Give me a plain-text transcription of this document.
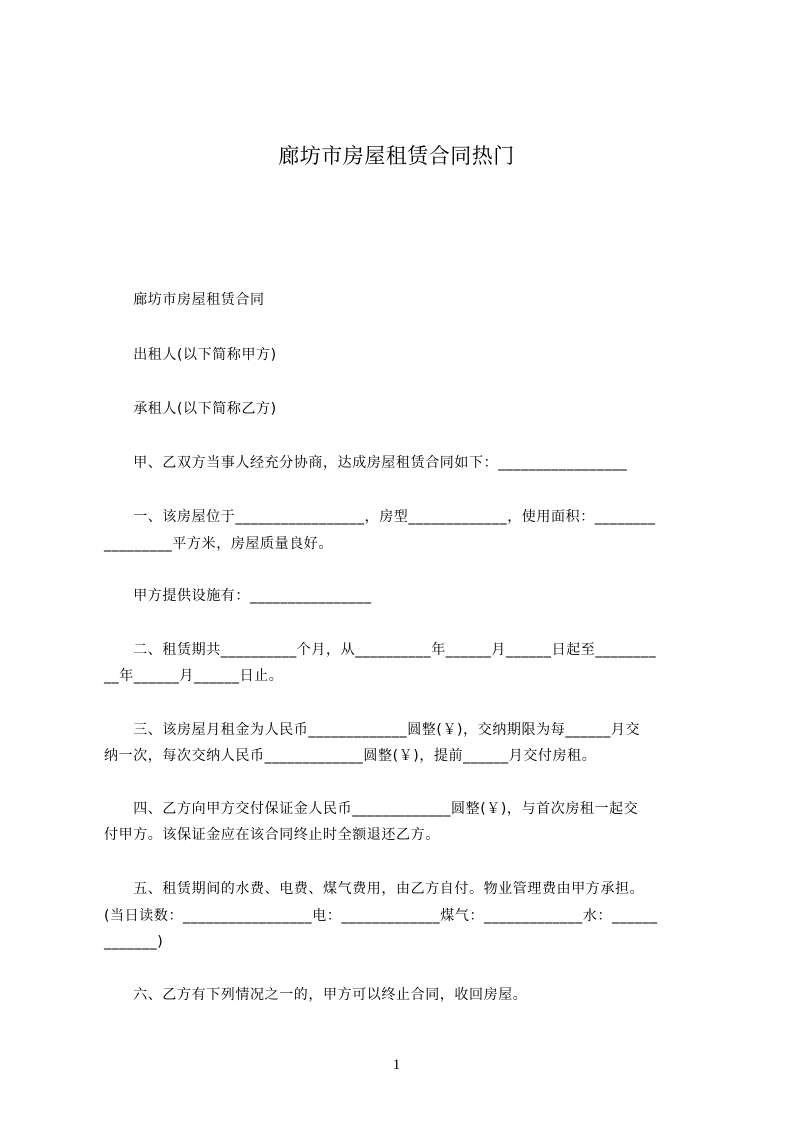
廊坊市房屋租赁合同热门
　　廊坊市房屋租赁合同
　　出租人(以下简称甲方)
　　承租人(以下简称乙方)
　　甲、乙双方当事人经充分协商，达成房屋租赁合同如下：_________________
　　一、该房屋位于_________________，房型_____________，使用面积：________
_________平方米，房屋质量良好。
　　甲方提供设施有：________________
　　二、租赁期共__________个月，从__________年______月______日起至________
__年______月______日止。
　　三、该房屋月租金为人民币_____________圆整(￥)，交纳期限为每______月交
纳一次，每次交纳人民币_____________圆整(￥)，提前______月交付房租。
　　四、乙方向甲方交付保证金人民币_____________圆整(￥)，与首次房租一起交
付甲方。该保证金应在该合同终止时全额退还乙方。
　　五、租赁期间的水费、电费、煤气费用，由乙方自付。物业管理费由甲方承担。
(当日读数：_________________电：_____________煤气：_____________水：______
_______)
　　六、乙方有下列情况之一的，甲方可以终止合同，收回房屋。
1
